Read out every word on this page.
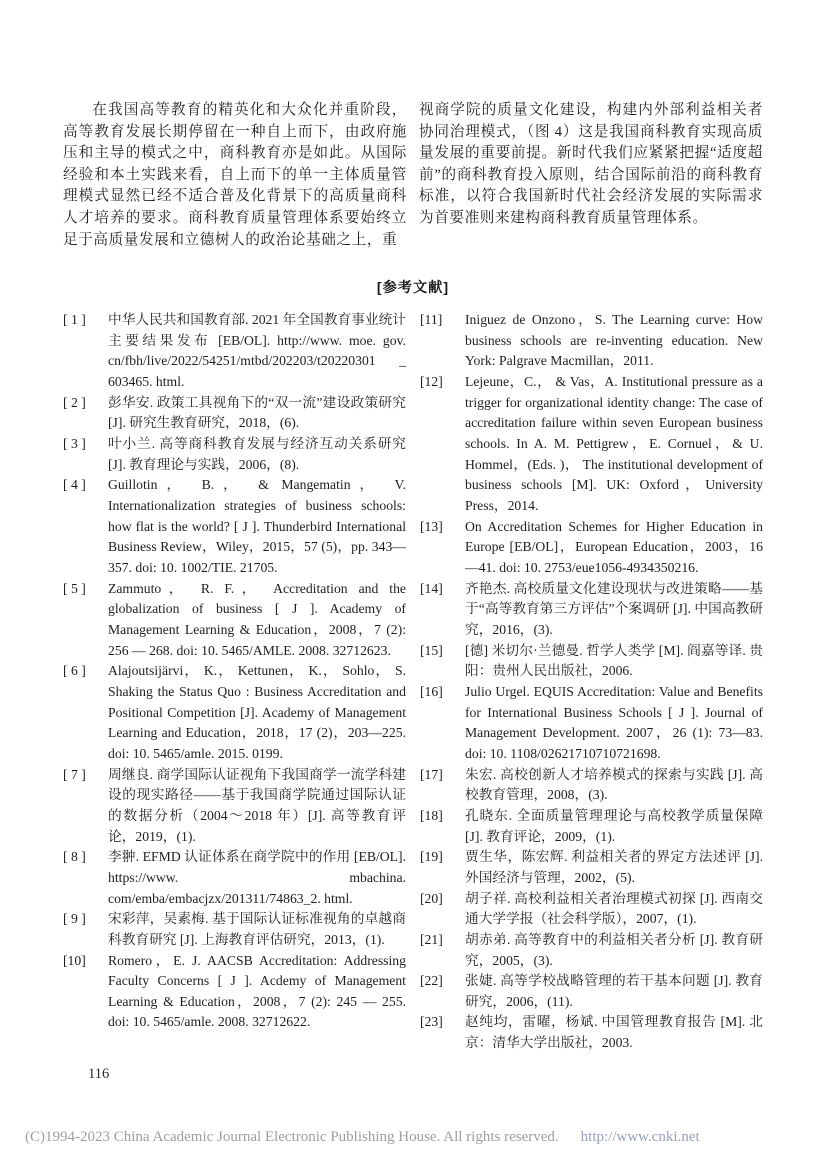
在我国高等教育的精英化和大众化并重阶段，高等教育发展长期停留在一种自上而下，由政府施压和主导的模式之中，商科教育亦是如此。从国际经验和本土实践来看，自上而下的单一主体质量管理模式显然已经不适合普及化背景下的高质量商科人才培养的要求。商科教育质量管理体系要始终立足于高质量发展和立德树人的政治论基础之上，重

视商学院的质量文化建设，构建内外部利益相关者协同治理模式，（图 4）这是我国商科教育实现高质量发展的重要前提。新时代我们应紧紧把握“适度超前”的商科教育投入原则，结合国际前沿的商科教育标准，以符合我国新时代社会经济发展的实际需求为首要准则来建构商科教育质量管理体系。

[参考文献]
[ 1 ]	中华人民共和国教育部. 2021 年全国教育事业统计主要结果发布 [EB/OL]. http://www. moe. gov. cn/fbh/live/2022/54251/mtbd/202203/t20220301 _ 603465. html.
[ 2 ]	彭华安. 政策工具视角下的“双一流”建设政策研究 [J]. 研究生教育研究，2018，(6).
[ 3 ]	叶小兰. 高等商科教育发展与经济互动关系研究 [J]. 教育理论与实践，2006，(8).
[ 4 ]	Guillotin， B.， & Mangematin， V. Internationalization strategies of business schools: how flat is the world? [ J ]. Thunderbird International Business Review，Wiley，2015，57 (5)，pp. 343—357. doi: 10. 1002/TIE. 21705.
[ 5 ]	Zammuto， R. F.， Accreditation and the globalization of business [ J ]. Academy of Management Learning & Education，2008，7 (2): 256 — 268. doi: 10. 5465/AMLE. 2008. 32712623.
[ 6 ]	Alajoutsijärvi， K.， Kettunen， K.， Sohlo， S. Shaking the Status Quo : Business Accreditation and Positional Competition [J]. Academy of Management Learning and Education，2018，17 (2)，203—225. doi: 10. 5465/amle. 2015. 0199.
[ 7 ]	周继良. 商学国际认证视角下我国商学一流学科建设的现实路径——基于我国商学院通过国际认证的数据分析（2004～2018 年）[J]. 高等教育评论，2019，(1).
[ 8 ]	李翀. EFMD 认证体系在商学院中的作用 [EB/OL]. https://www. mbachina. com/emba/embacjzx/201311/74863_2. html.
[ 9 ]	宋彩萍，吴素梅. 基于国际认证标准视角的卓越商科教育研究 [J]. 上海教育评估研究，2013，(1).
[10]	Romero，E. J. AACSB Accreditation: Addressing Faculty Concerns [ J ]. Acdemy of Management Learning & Education，2008，7 (2): 245 — 255. doi: 10. 5465/amle. 2008. 32712622.
[11]	Iniguez de Onzono，S. The Learning curve: How business schools are re-inventing education. New York: Palgrave Macmillan，2011.
[12]	Lejeune，C.， & Vas，A. Institutional pressure as a trigger for organizational identity change: The case of accreditation failure within seven European business schools. In A. M. Pettigrew，E. Cornuel，& U. Hommel，(Eds. )， The institutional development of business schools [M]. UK: Oxford，University Press，2014.
[13]	On Accreditation Schemes for Higher Education in Europe [EB/OL]，European Education，2003，16—41. doi: 10. 2753/eue1056-4934350216.
[14]	齐艳杰. 高校质量文化建设现状与改进策略——基于“高等教育第三方评估”个案调研 [J]. 中国高教研究，2016，(3).
[15]	[德] 米切尔·兰德曼. 哲学人类学 [M]. 阎嘉等译. 贵阳：贵州人民出版社，2006.
[16]	Julio Urgel. EQUIS Accreditation: Value and Benefits for International Business Schools [ J ]. Journal of Management Development. 2007，26 (1): 73—83. doi: 10. 1108/02621710710721698.
[17]	朱宏. 高校创新人才培养模式的探索与实践 [J]. 高校教育管理，2008，(3).
[18]	孔晓东. 全面质量管理理论与高校教学质量保障 [J]. 教育评论，2009，(1).
[19]	贾生华，陈宏辉. 利益相关者的界定方法述评 [J]. 外国经济与管理，2002，(5).
[20]	胡子祥. 高校利益相关者治理模式初探 [J]. 西南交通大学学报（社会科学版），2007，(1).
[21]	胡赤弟. 高等教育中的利益相关者分析 [J]. 教育研究，2005，(3).
[22]	张婕. 高等学校战略管理的若干基本问题 [J]. 教育研究，2006，(11).
[23]	赵纯均，雷曜，杨斌. 中国管理教育报告 [M]. 北京：清华大学出版社，2003.
116
(C)1994-2023 China Academic Journal Electronic Publishing House. All rights reserved. http://www.cnki.net
